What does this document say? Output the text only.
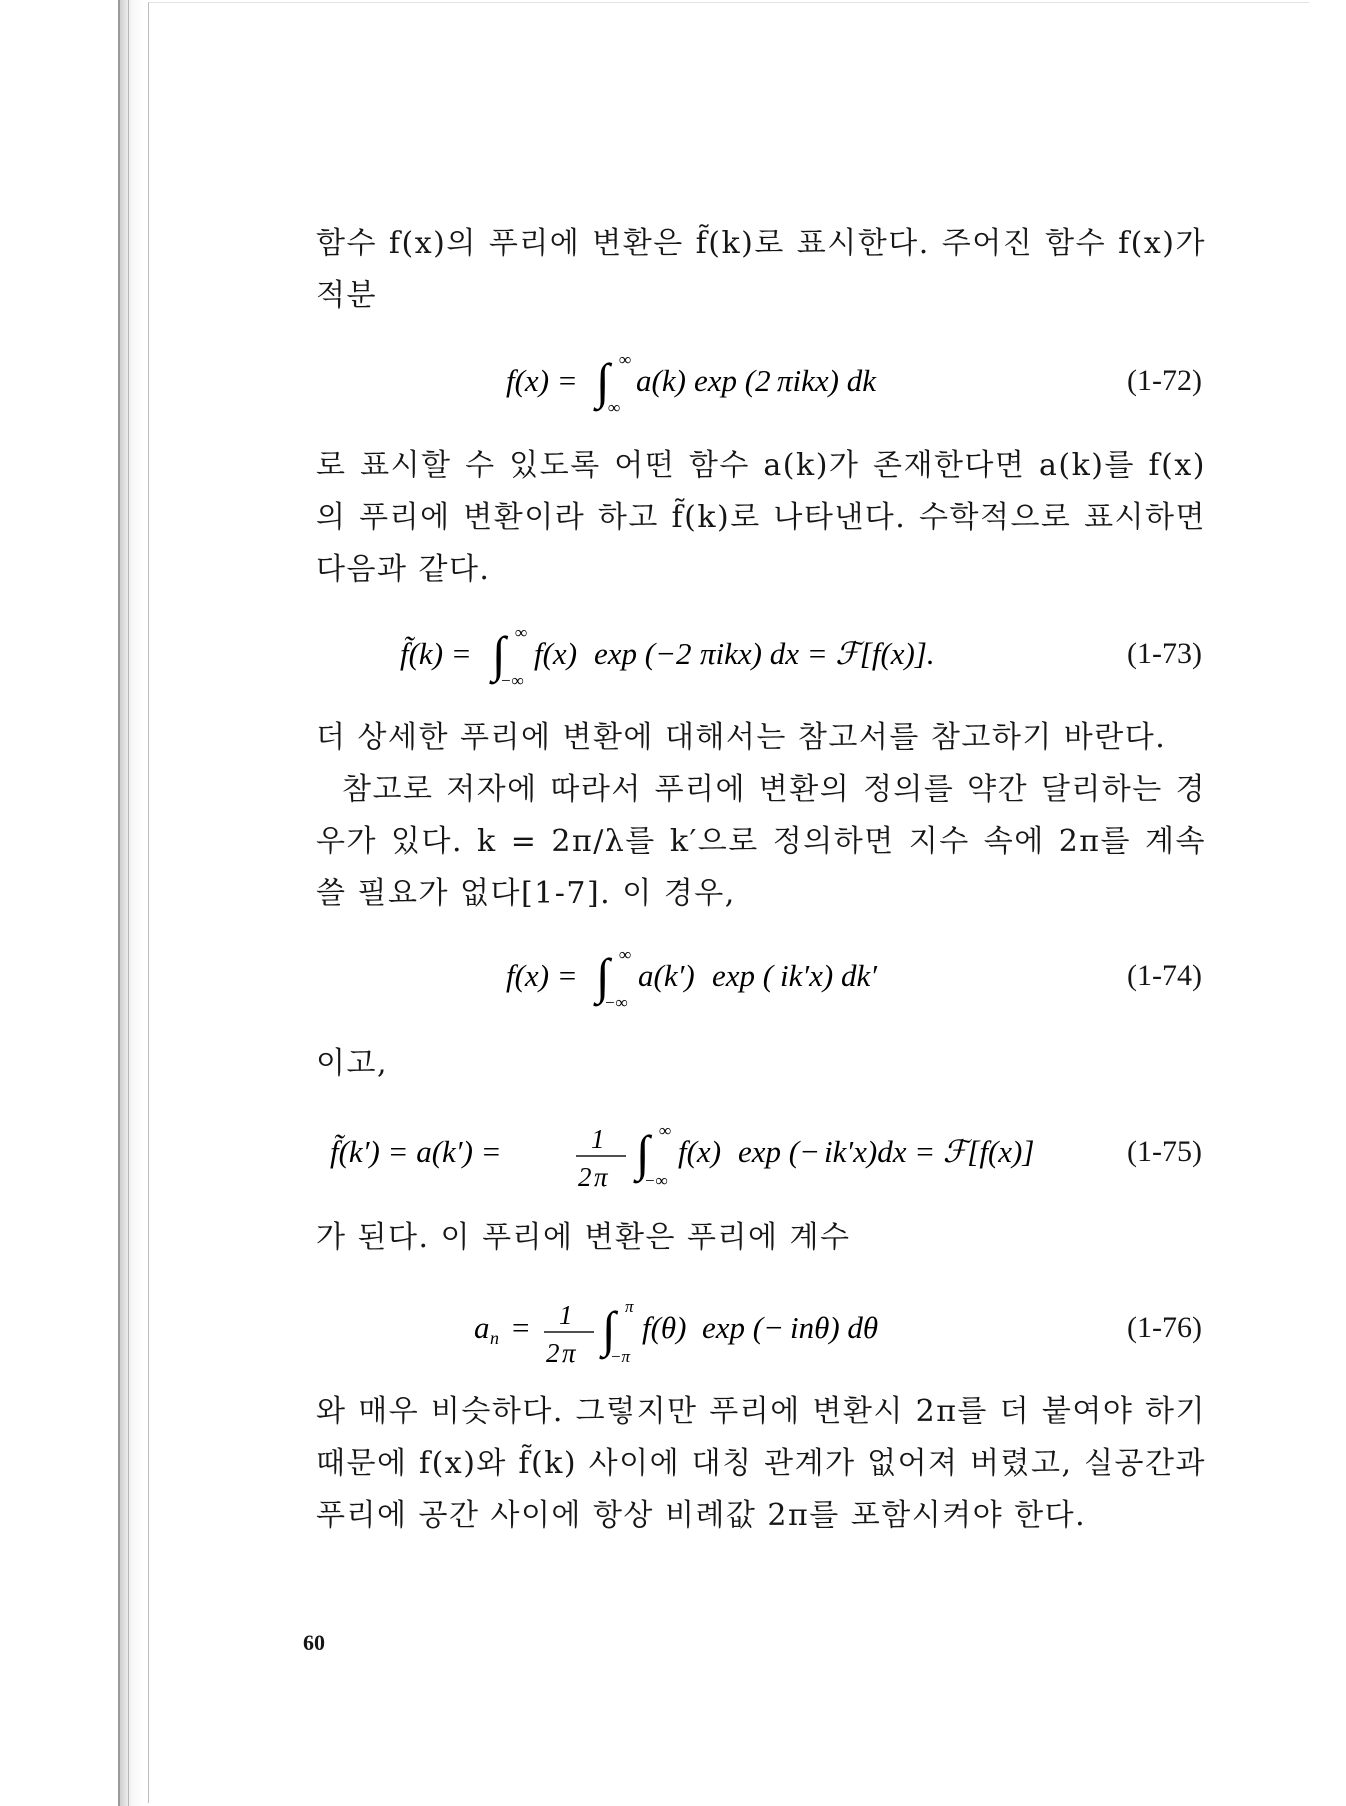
함수 f(x)의 푸리에 변환은 f̃(k)로 표시한다. 주어진 함수 f(x)가 적분
f(x) = ∫ ∞
∞
a(k) exp (2 πikx) dk	(1-72)
로 표시할 수 있도록 어떤 함수 a(k)가 존재한다면 a(k)를 f(x)의 푸리에 변환이라 하고 f̃(k)로 나타낸다. 수학적으로 표시하면 다음과 같다.
f̃(k) = ∫ ∞
−∞
f(x) exp (−2 πikx) dx = ℱ[f(x)].	(1-73)
더 상세한 푸리에 변환에 대해서는 참고서를 참고하기 바란다.
참고로 저자에 따라서 푸리에 변환의 정의를 약간 달리하는 경우가 있다. k = 2π/λ를 k′으로 정의하면 지수 속에 2π를 계속 쓸 필요가 없다[1-7]. 이 경우,
f(x) = ∫ ∞
−∞
a(k′) exp ( ik′x) dk′	(1-74)
이고,
f̃(k′) = a(k′) =	1
2 π ∫ ∞
−∞
f(x) exp (− ik′x)dx = ℱ[f(x)]	(1-75)
가 된다. 이 푸리에 변환은 푸리에 계수
a n = 1
2 π ∫ π
−π
f(θ) exp (− inθ) dθ	(1-76)
와 매우 비슷하다. 그렇지만 푸리에 변환시 2π를 더 붙여야 하기 때문에 f(x)와 f̃(k) 사이에 대칭 관계가 없어져 버렸고, 실공간과 푸리에 공간 사이에 항상 비례값 2π를 포함시켜야 한다.
60
